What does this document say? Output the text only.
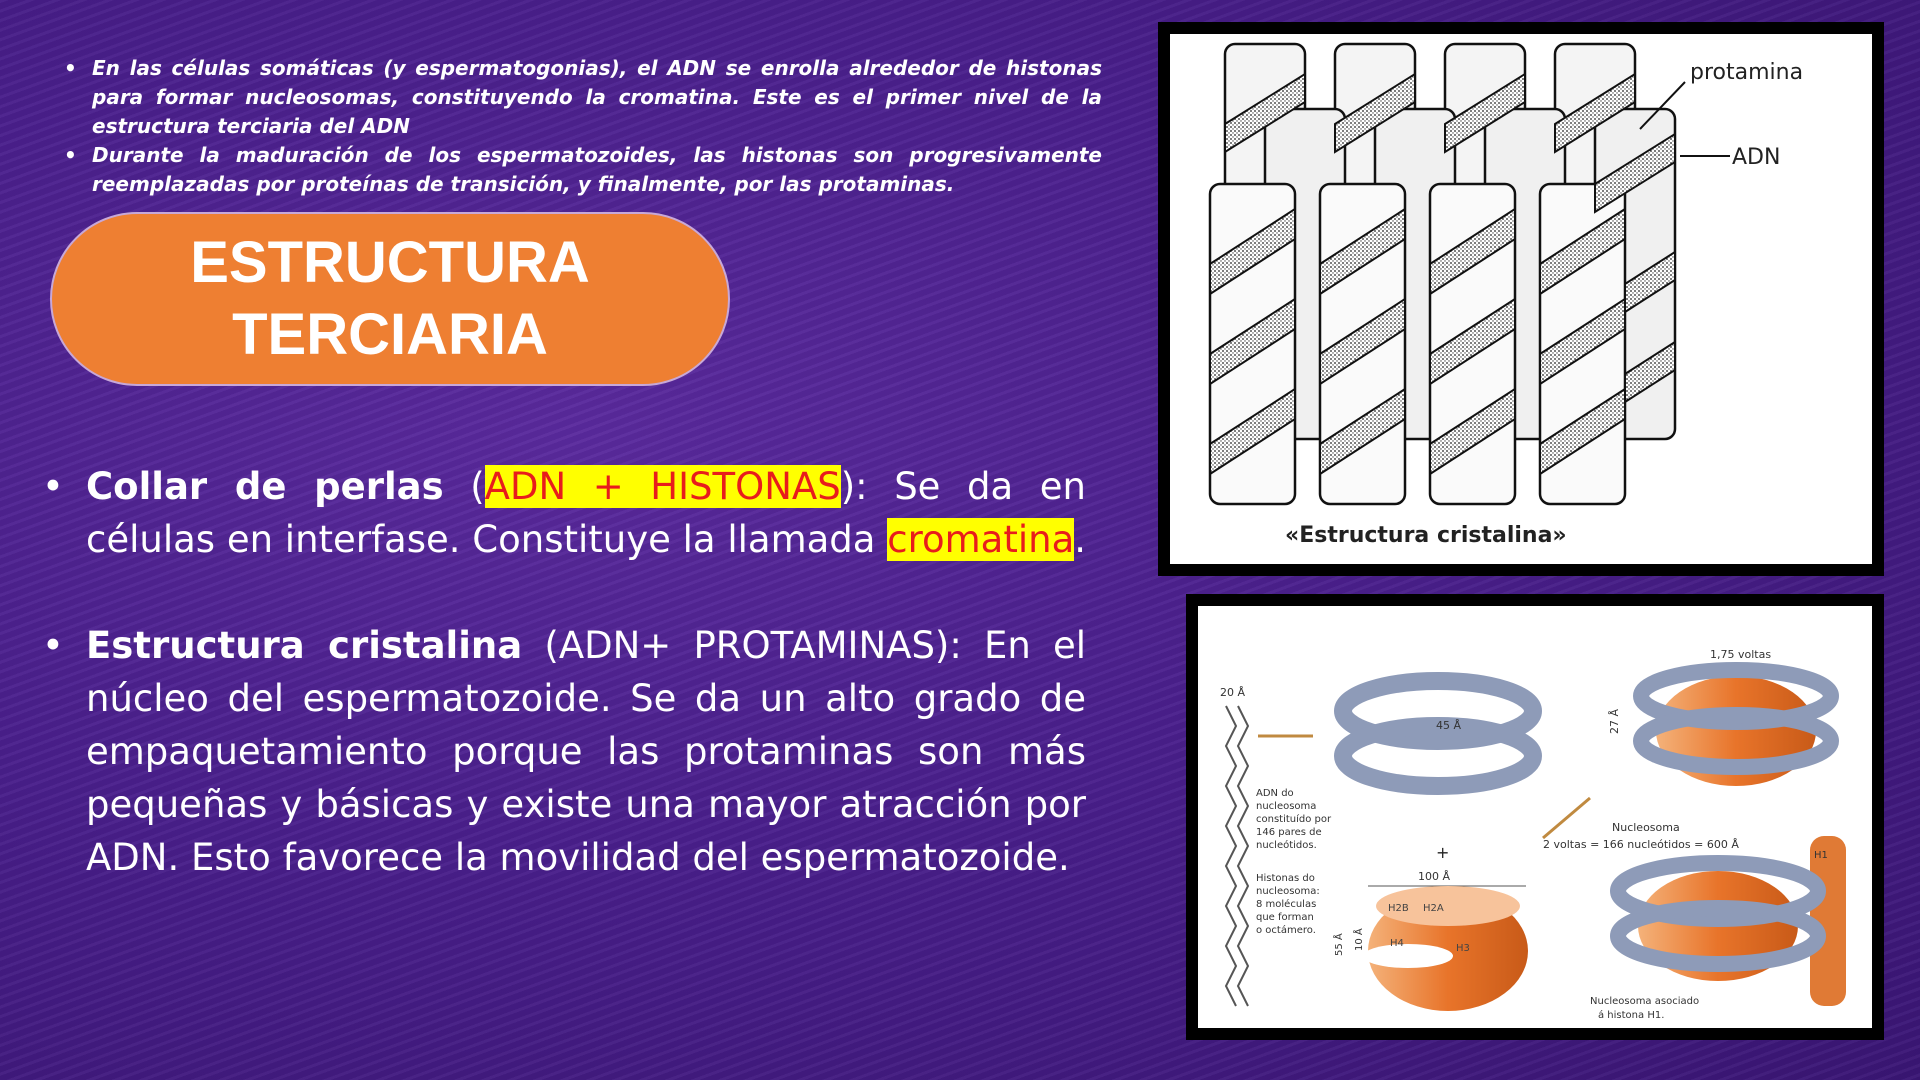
• En las células somáticas (y espermatogonias), el ADN se enrolla alrededor de histonas para formar nucleosomas, constituyendo la cromatina. Este es el primer nivel de la estructura terciaria del ADN
• Durante la maduración de los espermatozoides, las histonas son progresivamente reemplazadas por proteínas de transición, y finalmente, por las protaminas.
ESTRUCTURA
TERCIARIA
• Collar de perlas (ADN + HISTONAS): Se da en células en interfase. Constituye la llamada cromatina.
• Estructura cristalina (ADN+ PROTAMINAS): En el núcleo del espermatozoide. Se da un alto grado de empaquetamiento porque las protaminas son más pequeñas y básicas y existe una mayor atracción por ADN. Esto favorece la movilidad del espermatozoide.
protamina
ADN
«Estructura cristalina»
20 Å
45 Å
1,75 voltas
27 Å
Nucleosoma
2 voltas = 166 nucleótidos = 600 Å
ADN do
nucleosoma
constituído por
146 pares de
nucleótidos.
Histonas do
nucleosoma:
8 moléculas
que forman
o octámero.
+
100 Å
H2B H2A
H4	H3
55 Å 10 Å
H1
Nucleosoma asociado
á histona H1.
